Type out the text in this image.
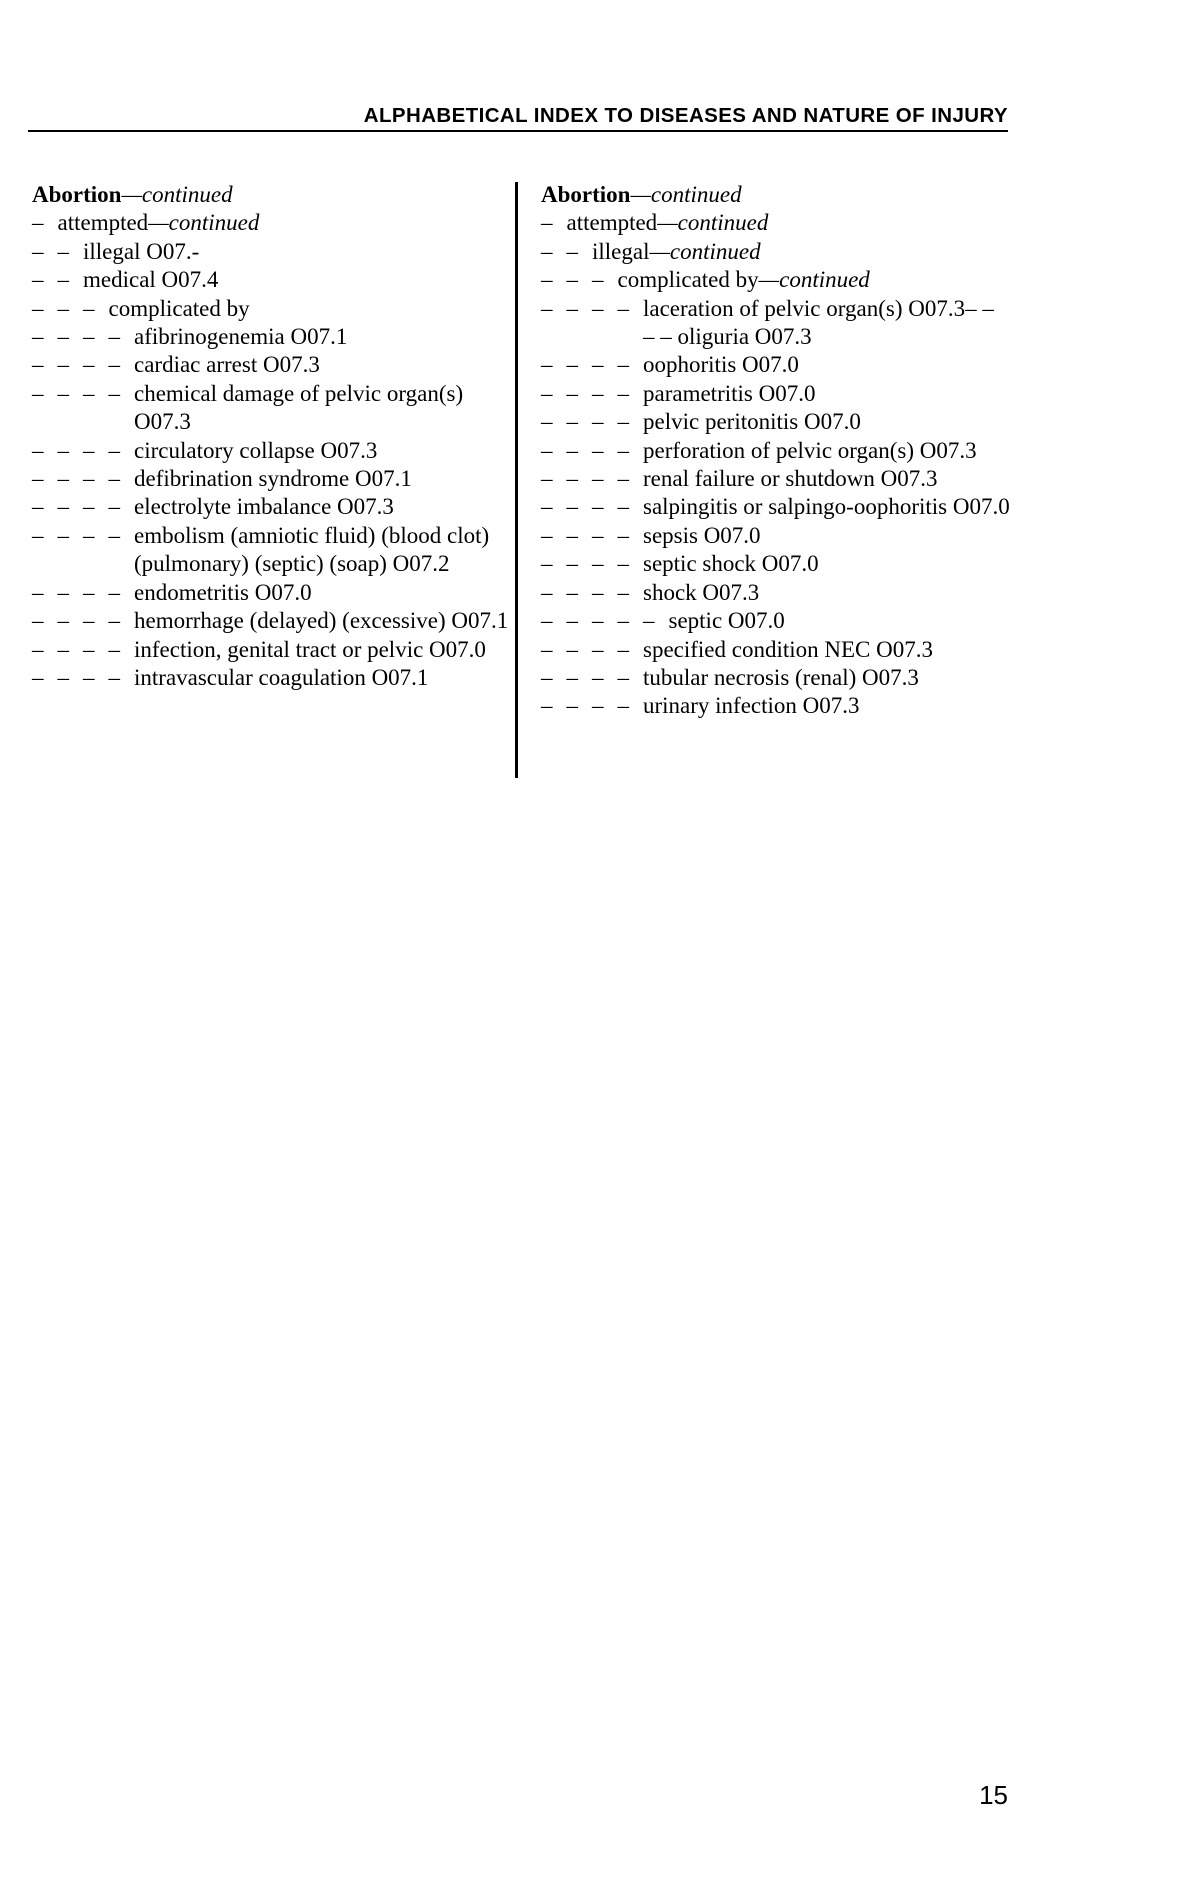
ALPHABETICAL INDEX TO DISEASES AND NATURE OF INJURY
Abortion—continued
– attempted—continued
– – illegal O07.-
– – medical O07.4
– – – complicated by
– – – – afibrinogenemia O07.1
– – – – cardiac arrest O07.3
– – – – chemical damage of pelvic organ(s) O07.3
– – – – circulatory collapse O07.3
– – – – defibrination syndrome O07.1
– – – – electrolyte imbalance O07.3
– – – – embolism (amniotic fluid) (blood clot) (pulmonary) (septic) (soap) O07.2
– – – – endometritis O07.0
– – – – hemorrhage (delayed) (excessive) O07.1
– – – – infection, genital tract or pelvic O07.0
– – – – intravascular coagulation O07.1
Abortion—continued
– attempted—continued
– – illegal—continued
– – – complicated by—continued
– – – – laceration of pelvic organ(s) O07.3– – – – oliguria O07.3
– – – – oophoritis O07.0
– – – – parametritis O07.0
– – – – pelvic peritonitis O07.0
– – – – perforation of pelvic organ(s) O07.3
– – – – renal failure or shutdown O07.3
– – – – salpingitis or salpingo-oophoritis O07.0
– – – – sepsis O07.0
– – – – septic shock O07.0
– – – – shock O07.3
– – – – – septic O07.0
– – – – specified condition NEC O07.3
– – – – tubular necrosis (renal) O07.3
– – – – urinary infection O07.3
15
